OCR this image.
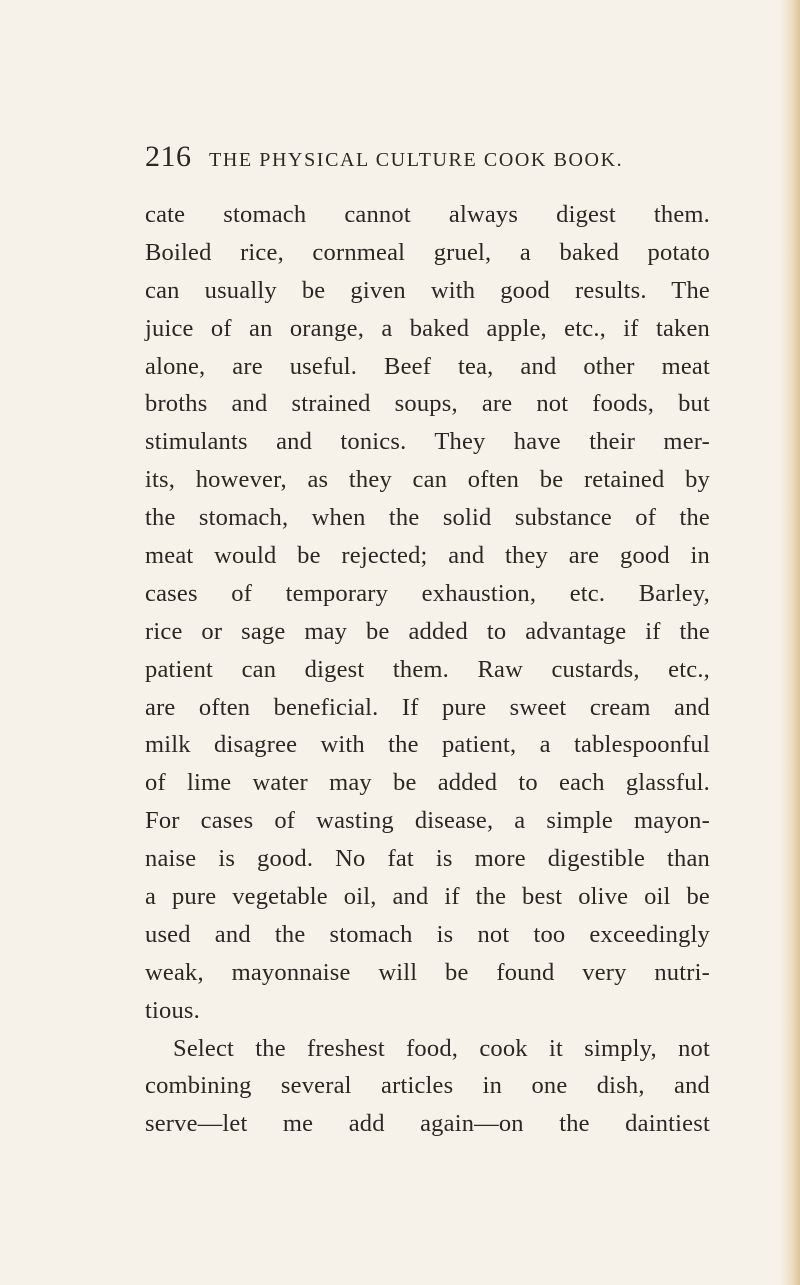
216 THE PHYSICAL CULTURE COOK BOOK.
cate stomach cannot always digest them.
Boiled rice, cornmeal gruel, a baked potato
can usually be given with good results. The
juice of an orange, a baked apple, etc., if taken
alone, are useful. Beef tea, and other meat
broths and strained soups, are not foods, but
stimulants and tonics. They have their mer-
its, however, as they can often be retained by
the stomach, when the solid substance of the
meat would be rejected; and they are good in
cases of temporary exhaustion, etc. Barley,
rice or sage may be added to advantage if the
patient can digest them. Raw custards, etc.,
are often beneficial. If pure sweet cream and
milk disagree with the patient, a tablespoonful
of lime water may be added to each glassful.
For cases of wasting disease, a simple mayon-
naise is good. No fat is more digestible than
a pure vegetable oil, and if the best olive oil be
used and the stomach is not too exceedingly
weak, mayonnaise will be found very nutri-
tious.
Select the freshest food, cook it simply, not
combining several articles in one dish, and
serve—let me add again—on the daintiest
